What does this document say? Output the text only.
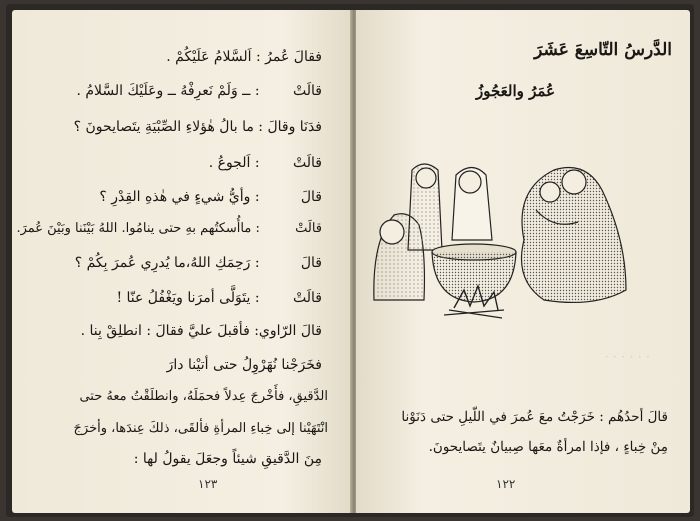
فقالَ عُمرُ : اَلسَّلامُ عَلَيْكُمْ .
قالَتْ : ــ وَلَمْ نَعرِفْهُ ــ وعَلَيْكَ السَّلامُ .
فدَنَا وقالَ : ما بالُ هٰؤلاءِ الصِّبْيَةِ يتَصايحونَ ؟
قالَتْ : اَلجوعُ .
قالَ : وأيُّ شيءٍ في هٰذهِ القِدْرِ ؟
قالَتْ : ماأُسكتُهم بهِ حتى ينامُوا. اللهُ بَيْنَنا وبَيْنَ عُمرَ.
قالَ : رَحِمَكِ اللهُ،ما يُدرِي عُمرَ بِكُمْ ؟
قالَتْ : يتَوَلَّى أمرَنا ويَغْفُلُ عنّا !
قالَ الرّاوي: فأقبلَ عليَّ فقالَ : انطلِقْ بِنا .
فخَرَجْنا نُهَرْوِلُ حتى أتيْنا دارَ
الدَّقيقِ، فأَخْرجَ عِدلاً فحمَلَهُ، وانطلَقْتُ معهُ حتى
انْتَهَيْنا إلى خِباءِ المرأةِ فألقَى، ذلكَ عِندَها، وأخرَجَ
مِنَ الدَّقيقِ شيئاً وجعَلَ يقولُ لها :
١٢٣
الدَّرسُ التّاسِعَ عَشَرَ
عُمَرُ والعَجُوزُ
· · · · · ·
قالَ أحدُهُم : خَرَجْتُ معَ عُمرَ في اللّيلِ حتى دَنَوْنا
مِنْ خِباءٍ ، فإذا امرأةٌ معَها صِبيانٌ يتَصايحونَ.
١٢٢
